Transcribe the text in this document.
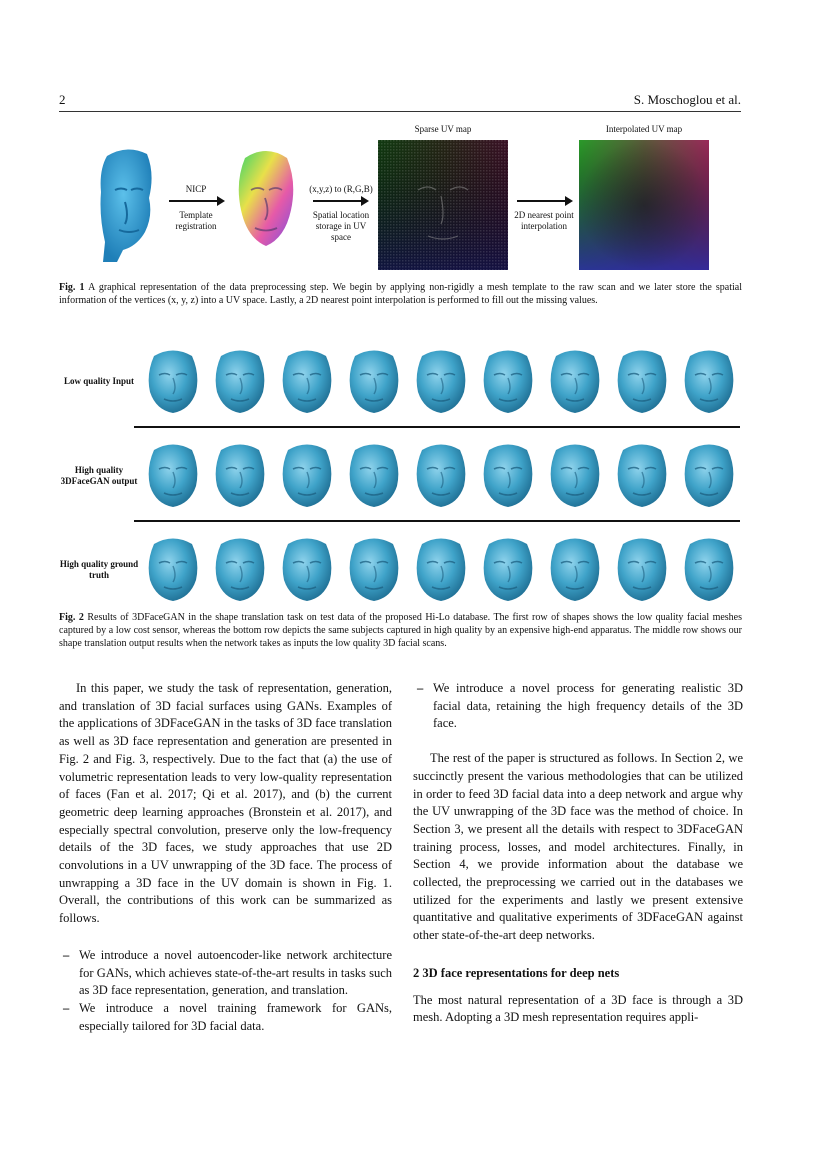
2	S. Moschoglou et al.
NICP
Template registration
(x,y,z) to (R,G,B)
Spatial location storage in UV space
Sparse UV map
2D nearest point interpolation
Interpolated UV map
Fig. 1 A graphical representation of the data preprocessing step. We begin by applying non-rigidly a mesh template to the raw scan and we later store the spatial information of the vertices (x, y, z) into a UV space. Lastly, a 2D nearest point interpolation is performed to fill out the missing values.
Low quality Input
High quality 3DFaceGAN output
High quality ground truth
Fig. 2 Results of 3DFaceGAN in the shape translation task on test data of the proposed Hi-Lo database. The first row of shapes shows the low quality facial meshes captured by a low cost sensor, whereas the bottom row depicts the same subjects captured in high quality by an expensive high-end apparatus. The middle row shows our shape translation output results when the network takes as inputs the low quality 3D facial scans.

In this paper, we study the task of representation, generation, and translation of 3D facial surfaces using GANs. Examples of the applications of 3DFaceGAN in the tasks of 3D face translation as well as 3D face representation and generation are presented in Fig. 2 and Fig. 3, respectively. Due to the fact that (a) the use of volumetric representation leads to very low-quality representation of faces (Fan et al. 2017; Qi et al. 2017), and (b) the current geometric deep learning approaches (Bronstein et al. 2017), and especially spectral convolution, preserve only the low-frequency details of the 3D faces, we study approaches that use 2D convolutions in a UV unwrapping of the 3D face. The process of unwrapping a 3D face in the UV domain is shown in Fig. 1. Overall, the contributions of this work can be summarized as follows.

– We introduce a novel autoencoder-like network architecture for GANs, which achieves state-of-the-art results in tasks such as 3D face representation, generation, and translation.

– We introduce a novel training framework for GANs, especially tailored for 3D facial data.

– We introduce a novel process for generating realistic 3D facial data, retaining the high frequency details of the 3D face.

The rest of the paper is structured as follows. In Section 2, we succinctly present the various methodologies that can be utilized in order to feed 3D facial data into a deep network and argue why the UV unwrapping of the 3D face was the method of choice. In Section 3, we present all the details with respect to 3DFaceGAN training process, losses, and model architectures. Finally, in Section 4, we provide information about the database we collected, the preprocessing we carried out in the databases we utilized for the experiments and lastly we present extensive quantitative and qualitative experiments of 3DFaceGAN against other state-of-the-art deep networks.

2 3D face representations for deep nets

The most natural representation of a 3D face is through a 3D mesh. Adopting a 3D mesh representation requires appli-
